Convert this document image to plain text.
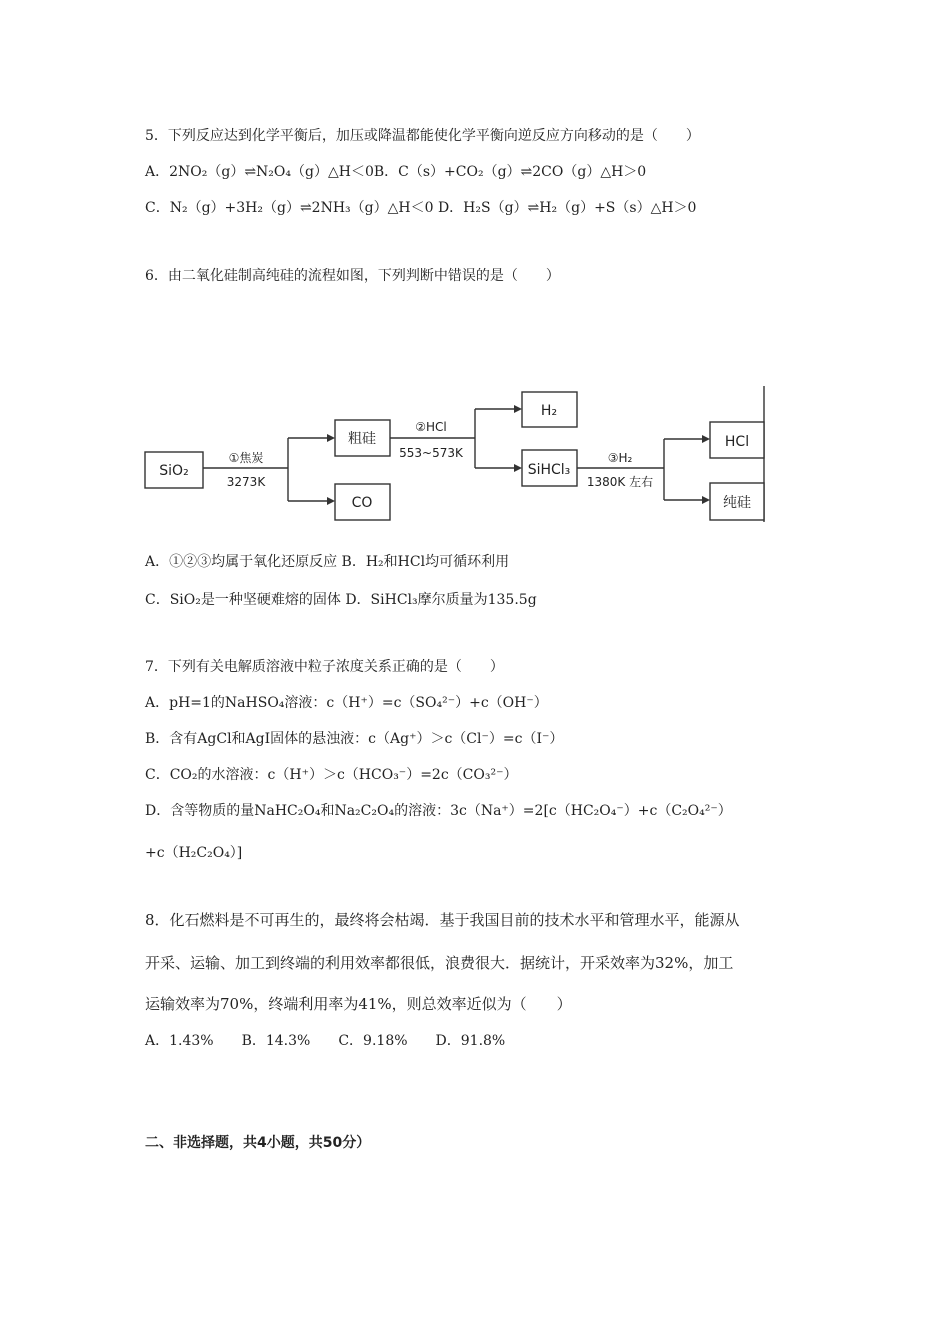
5．下列反应达到化学平衡后，加压或降温都能使化学平衡向逆反应方向移动的是（　　）
A．2NO₂（g）⇌N₂O₄（g）△H＜0B．C（s）+CO₂（g）⇌2CO（g）△H＞0
C．N₂（g）+3H₂（g）⇌2NH₃（g）△H＜0 D．H₂S（g）⇌H₂（g）+S（s）△H＞0
6．由二氧化硅制高纯硅的流程如图，下列判断中错误的是（　　）
SiO₂
粗硅
CO
H₂
SiHCl₃
HCl
纯硅
①焦炭
3273K
②HCl
553~573K	③H₂
1380K 左右
A．①②③均属于氧化还原反应 B．H₂和HCl均可循环利用
C．SiO₂是一种坚硬难熔的固体 D．SiHCl₃摩尔质量为135.5g
7．下列有关电解质溶液中粒子浓度关系正确的是（　　）
A．pH=1的NaHSO₄溶液：c（H⁺）=c（SO₄²⁻）+c（OH⁻）
B．含有AgCl和AgI固体的悬浊液：c（Ag⁺）＞c（Cl⁻）=c（I⁻）
C．CO₂的水溶液：c（H⁺）＞c（HCO₃⁻）=2c（CO₃²⁻）
D．含等物质的量NaHC₂O₄和Na₂C₂O₄的溶液：3c（Na⁺）=2[c（HC₂O₄⁻）+c（C₂O₄²⁻）
+c（H₂C₂O₄）]
8．化石燃料是不可再生的，最终将会枯竭．基于我国目前的技术水平和管理水平，能源从
开采、运输、加工到终端的利用效率都很低，浪费很大．据统计，开采效率为32%，加工
运输效率为70%，终端利用率为41%，则总效率近似为（　　）
A．1.43%　　B．14.3%　　C．9.18%　　D．91.8%
二、非选择题，共4小题，共50分）
